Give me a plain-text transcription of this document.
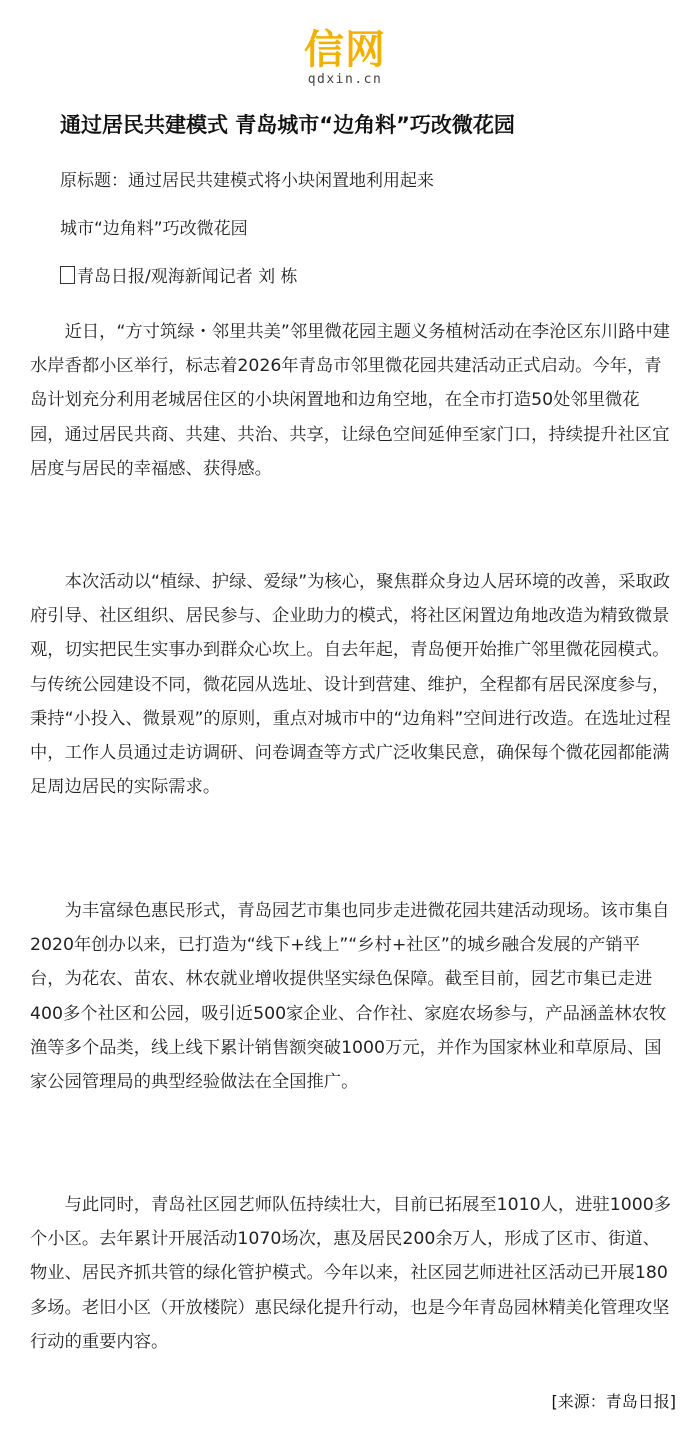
信网
qdxin.cn
通过居民共建模式 青岛城市“边角料”巧改微花园

原标题：通过居民共建模式将小块闲置地利用起来

城市“边角料”巧改微花园

青岛日报/观海新闻记者 刘 栋

近日，“方寸筑绿・邻里共美”邻里微花园主题义务植树活动在李沧区东川路中建水岸香都小区举行，标志着2026年青岛市邻里微花园共建活动正式启动。今年，青岛计划充分利用老城居住区的小块闲置地和边角空地，在全市打造50处邻里微花园，通过居民共商、共建、共治、共享，让绿色空间延伸至家门口，持续提升社区宜居度与居民的幸福感、获得感。

本次活动以“植绿、护绿、爱绿”为核心，聚焦群众身边人居环境的改善，采取政府引导、社区组织、居民参与、企业助力的模式，将社区闲置边角地改造为精致微景观，切实把民生实事办到群众心坎上。自去年起，青岛便开始推广邻里微花园模式。与传统公园建设不同，微花园从选址、设计到营建、维护，全程都有居民深度参与，秉持“小投入、微景观”的原则，重点对城市中的“边角料”空间进行改造。在选址过程中，工作人员通过走访调研、问卷调查等方式广泛收集民意，确保每个微花园都能满足周边居民的实际需求。

为丰富绿色惠民形式，青岛园艺市集也同步走进微花园共建活动现场。该市集自2020年创办以来，已打造为“线下+线上”“乡村+社区”的城乡融合发展的产销平台，为花农、苗农、林农就业增收提供坚实绿色保障。截至目前，园艺市集已走进400多个社区和公园，吸引近500家企业、合作社、家庭农场参与，产品涵盖林农牧渔等多个品类，线上线下累计销售额突破1000万元，并作为国家林业和草原局、国家公园管理局的典型经验做法在全国推广。

与此同时，青岛社区园艺师队伍持续壮大，目前已拓展至1010人，进驻1000多个小区。去年累计开展活动1070场次，惠及居民200余万人，形成了区市、街道、物业、居民齐抓共管的绿化管护模式。今年以来，社区园艺师进社区活动已开展180多场。老旧小区（开放楼院）惠民绿化提升行动，也是今年青岛园林精美化管理攻坚行动的重要内容。

[来源：青岛日报]
